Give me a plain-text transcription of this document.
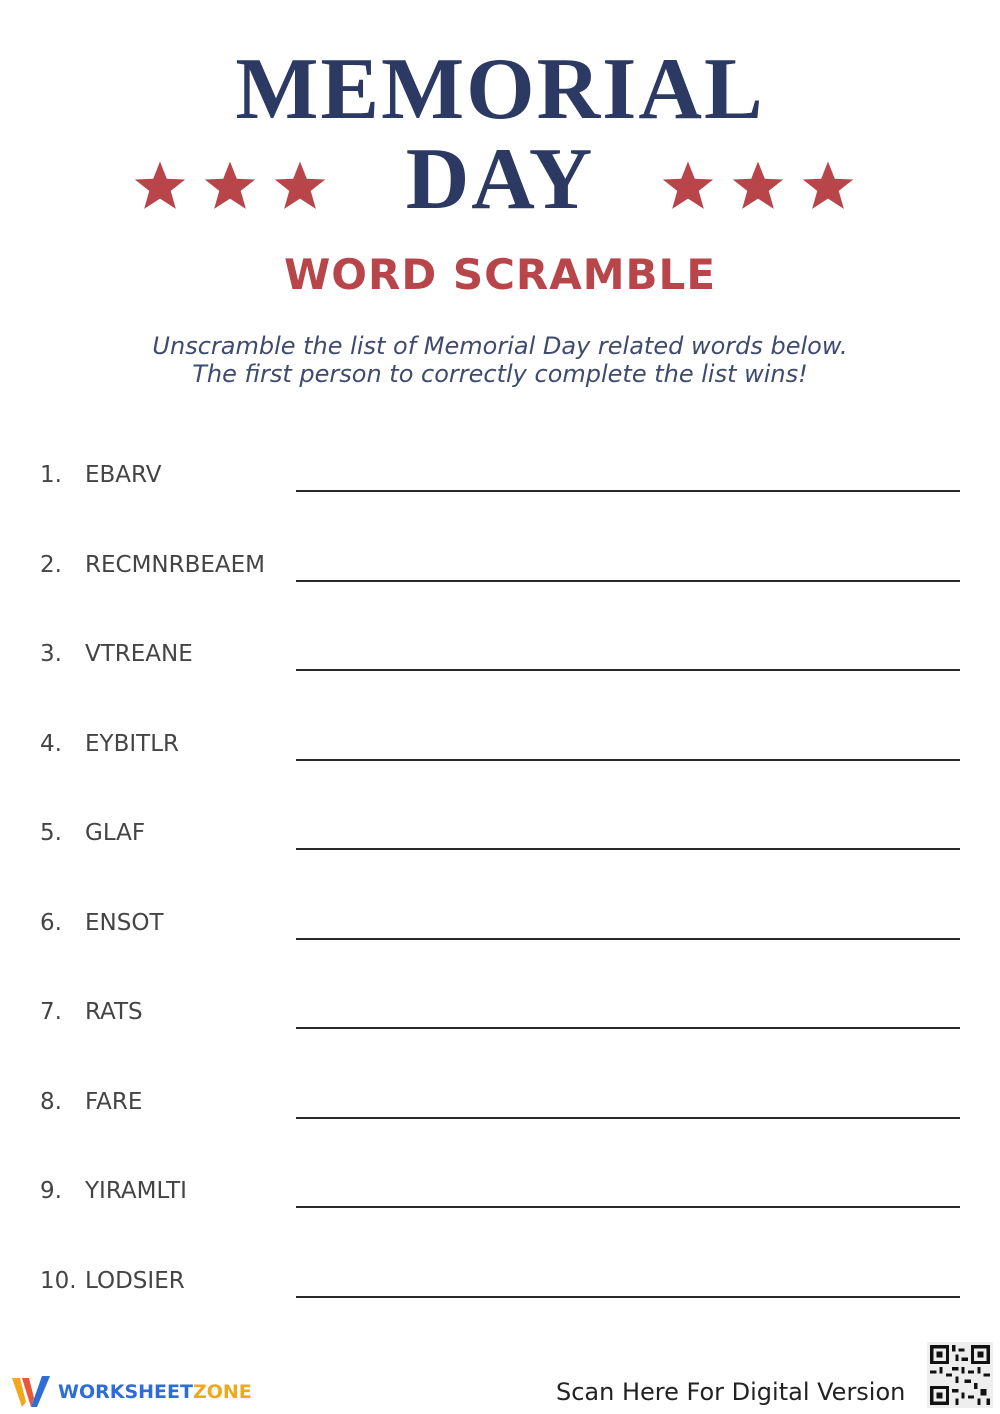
MEMORIAL
DAY
WORD SCRAMBLE
Unscramble the list of Memorial Day related words below.
The first person to correctly complete the list wins!
1. EBARV
2. RECMNRBEAEM
3. VTREANE
4. EYBITLR
5. GLAF
6. ENSOT
7. RATS
8. FARE
9. YIRAMLTI
10. LODSIER
WORKSHEETZONE	Scan Here For Digital Version
